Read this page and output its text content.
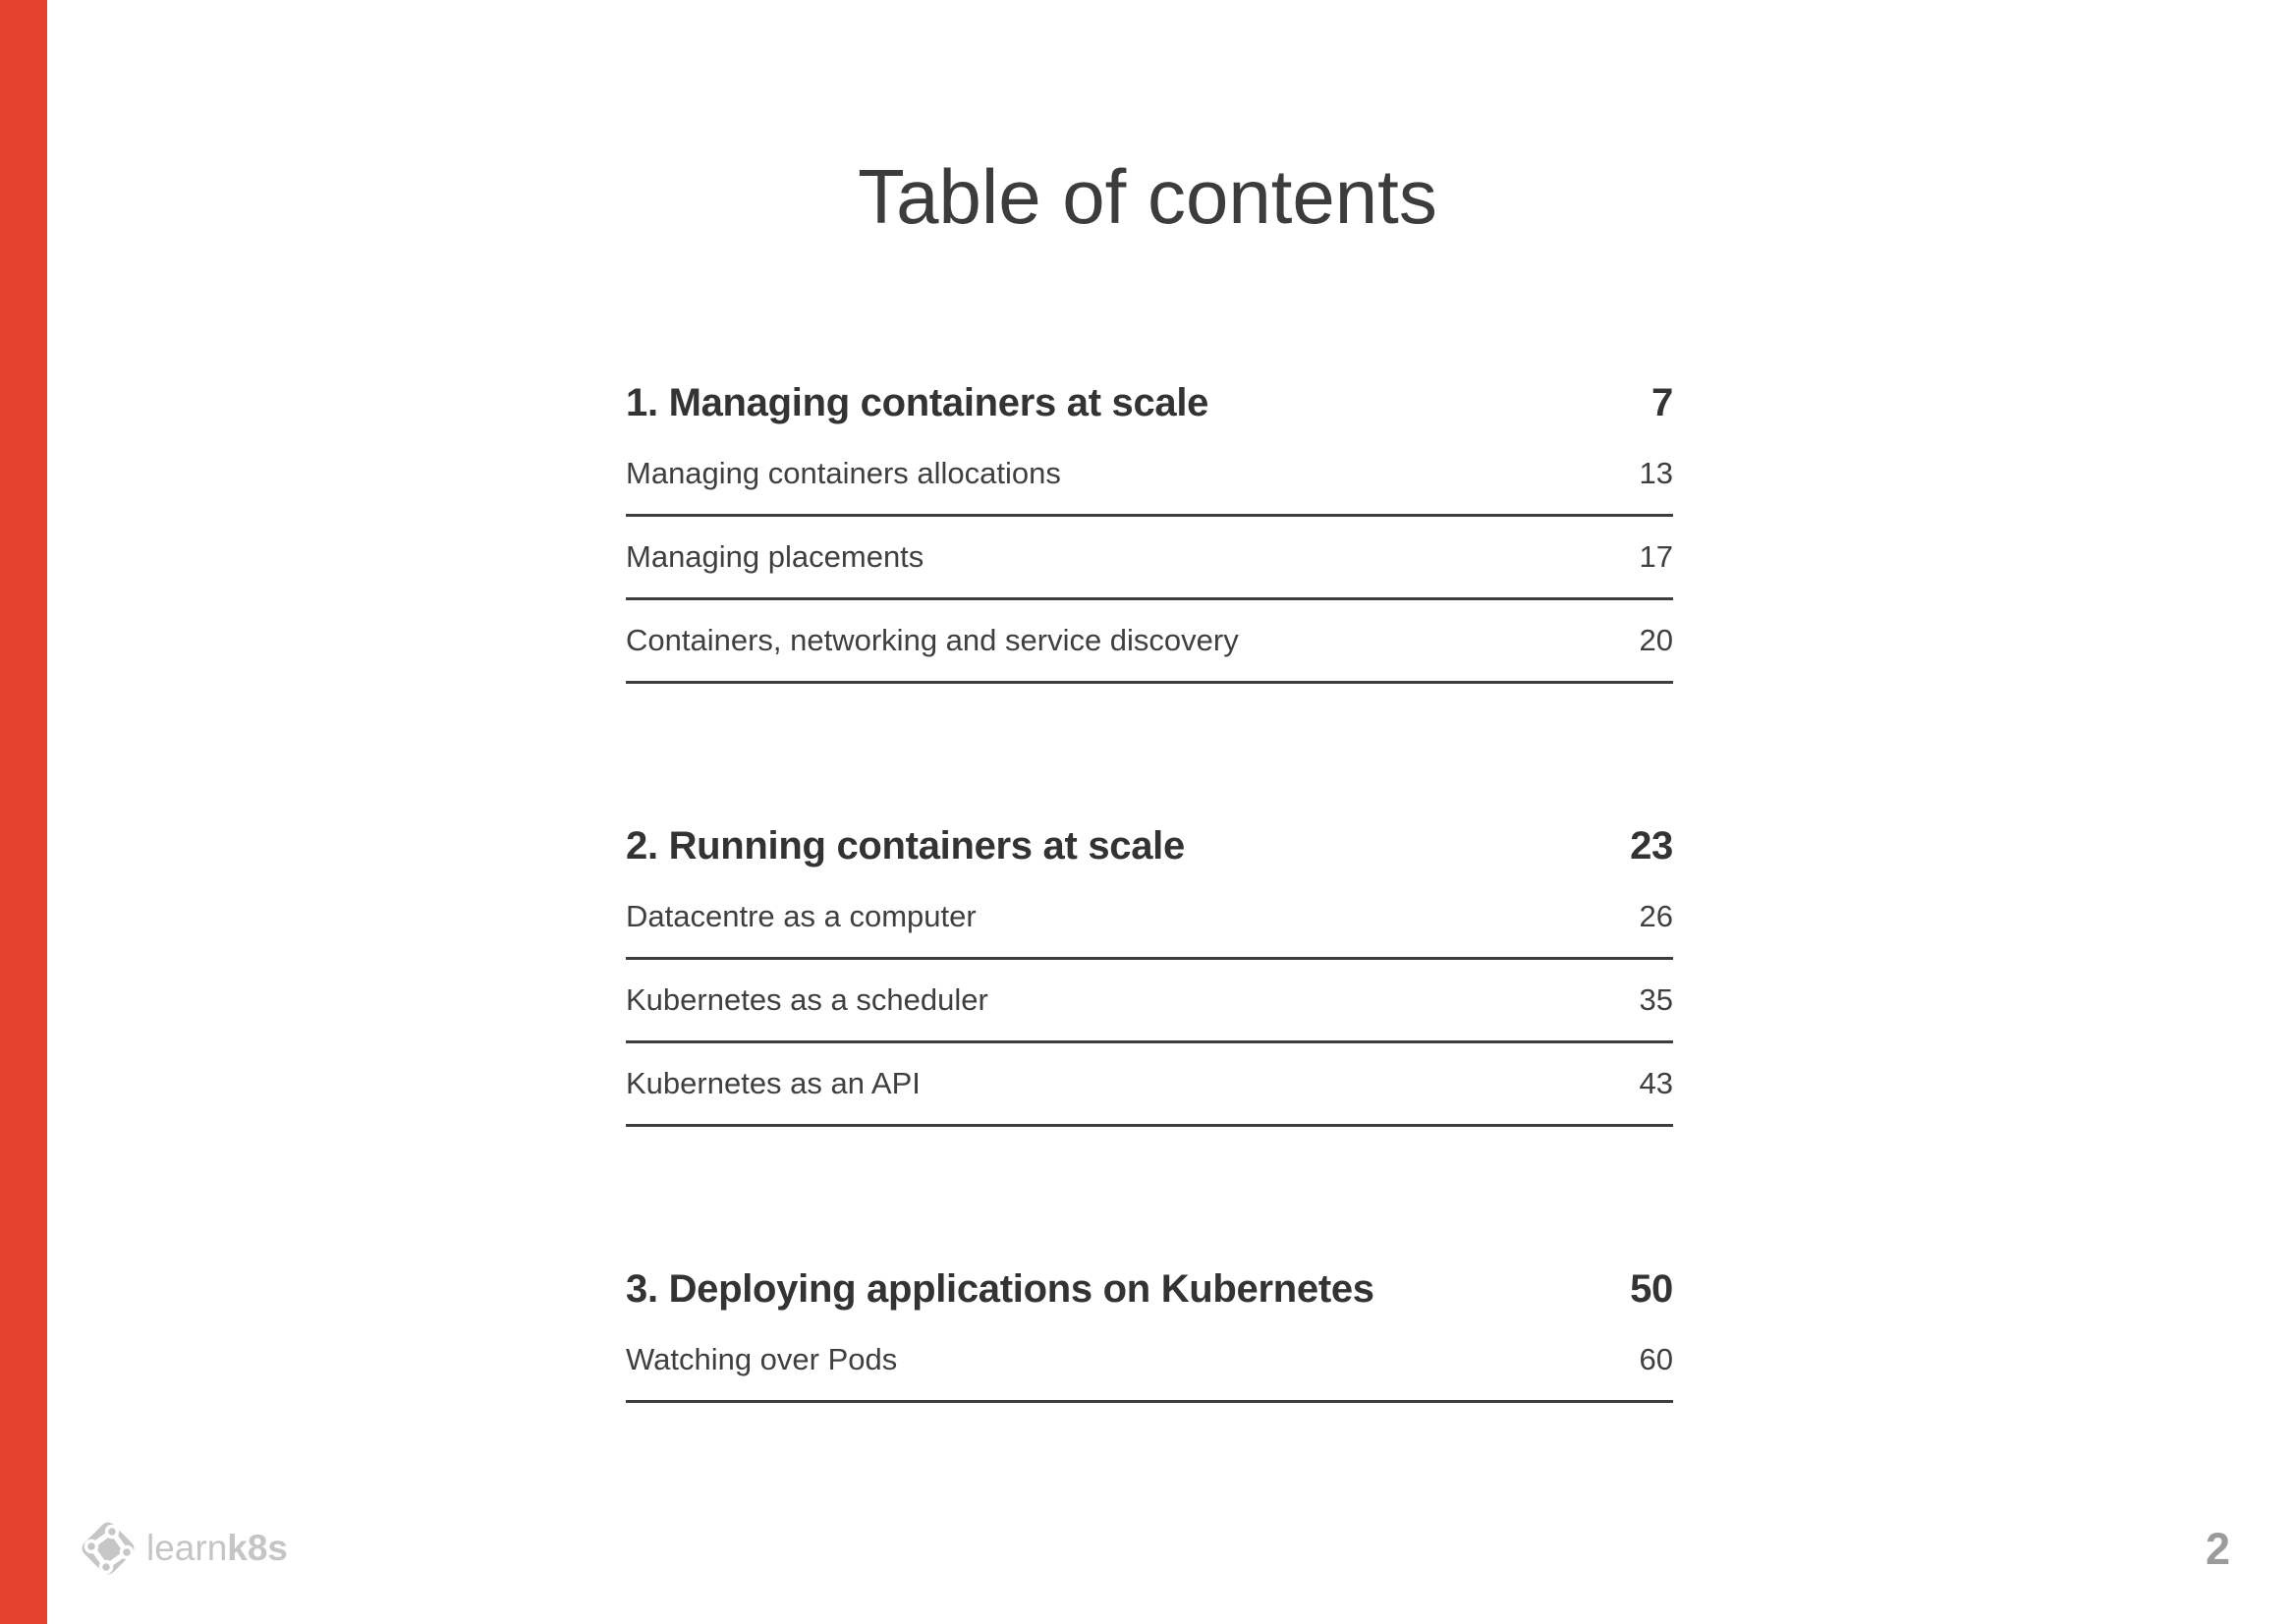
Table of contents
1. Managing containers at scale	7
Managing containers allocations	13
Managing placements	17
Containers, networking and service discovery	20
2. Running containers at scale	23
Datacentre as a computer	26
Kubernetes as a scheduler	35
Kubernetes as an API	43
3. Deploying applications on Kubernetes	50
Watching over Pods	60
learnk8s	2
